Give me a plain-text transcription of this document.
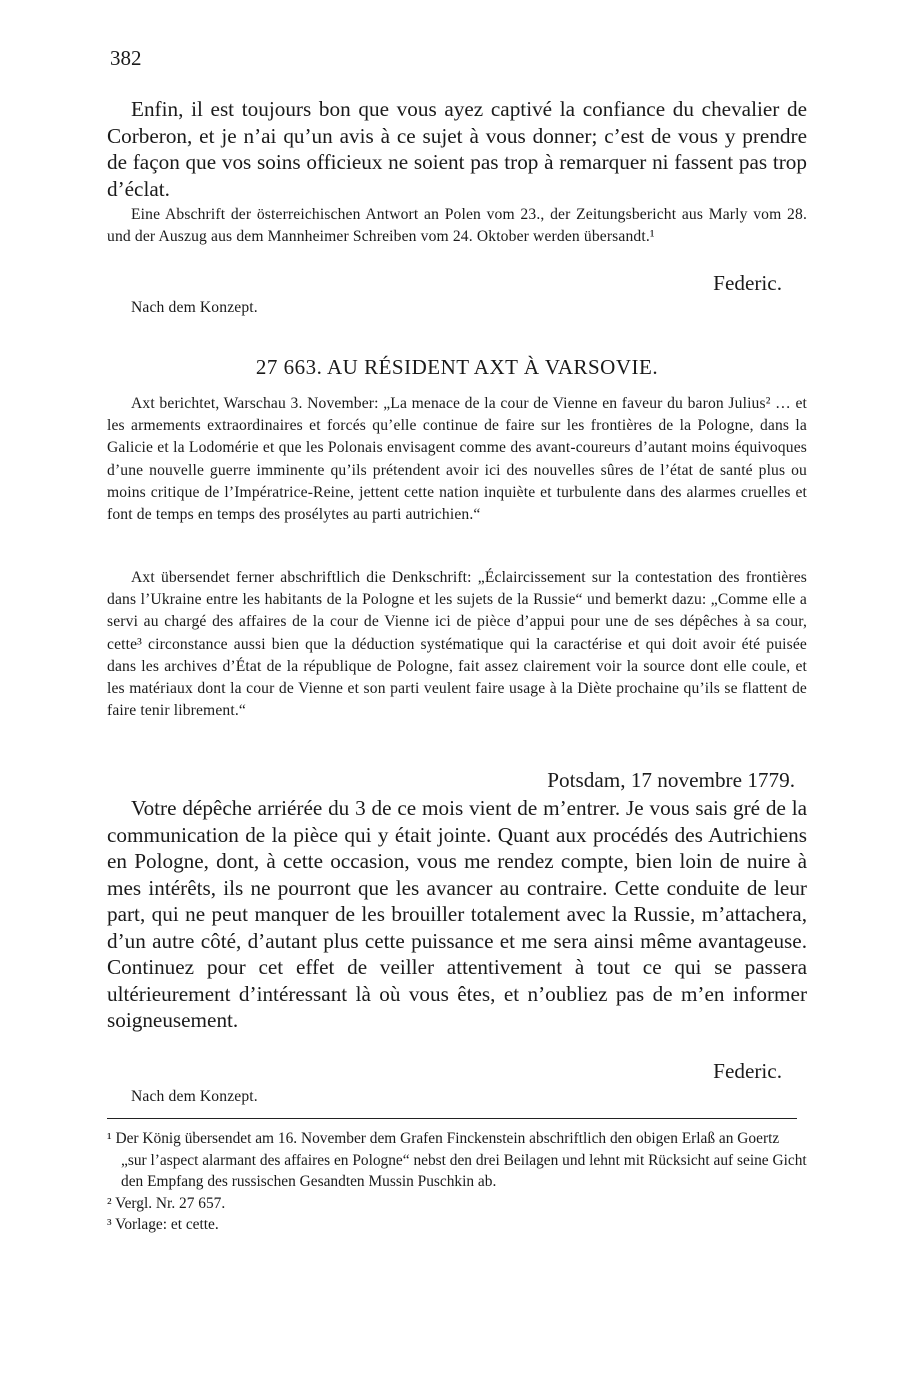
382

Enfin, il est toujours bon que vous ayez captivé la confiance du chevalier de Corberon, et je n’ai qu’un avis à ce sujet à vous donner; c’est de vous y prendre de façon que vos soins officieux ne soient pas trop à remarquer ni fassent pas trop d’éclat.

Eine Abschrift der österreichischen Antwort an Polen vom 23., der Zeitungsbericht aus Marly vom 28. und der Auszug aus dem Mannheimer Schreiben vom 24. Oktober werden übersandt.¹

Federic.

Nach dem Konzept.

27 663. AU RÉSIDENT AXT À VARSOVIE.

Axt berichtet, Warschau 3. November: „La menace de la cour de Vienne en faveur du baron Julius² … et les armements extraordinaires et forcés qu’elle continue de faire sur les frontières de la Pologne, dans la Galicie et la Lodomérie et que les Polonais envisagent comme des avant-coureurs d’autant moins équivoques d’une nouvelle guerre imminente qu’ils prétendent avoir ici des nouvelles sûres de l’état de santé plus ou moins critique de l’Impératrice-Reine, jettent cette nation inquiète et turbulente dans des alarmes cruelles et font de temps en temps des prosélytes au parti autrichien.“

Axt übersendet ferner abschriftlich die Denkschrift: „Éclaircissement sur la contestation des frontières dans l’Ukraine entre les habitants de la Pologne et les sujets de la Russie“ und bemerkt dazu: „Comme elle a servi au chargé des affaires de la cour de Vienne ici de pièce d’appui pour une de ses dépêches à sa cour, cette³ circonstance aussi bien que la déduction systématique qui la caractérise et qui doit avoir été puisée dans les archives d’État de la république de Pologne, fait assez clairement voir la source dont elle coule, et les matériaux dont la cour de Vienne et son parti veulent faire usage à la Diète prochaine qu’ils se flattent de faire tenir librement.“

Potsdam, 17 novembre 1779.

Votre dépêche arriérée du 3 de ce mois vient de m’entrer. Je vous sais gré de la communication de la pièce qui y était jointe. Quant aux procédés des Autrichiens en Pologne, dont, à cette occasion, vous me rendez compte, bien loin de nuire à mes intérêts, ils ne pourront que les avancer au contraire. Cette conduite de leur part, qui ne peut manquer de les brouiller totalement avec la Russie, m’attachera, d’un autre côté, d’autant plus cette puissance et me sera ainsi même avantageuse. Continuez pour cet effet de veiller attentivement à tout ce qui se passera ultérieurement d’intéressant là où vous êtes, et n’oubliez pas de m’en informer soigneusement.

Federic.

Nach dem Konzept.

¹ Der König übersendet am 16. November dem Grafen Finckenstein abschriftlich den obigen Erlaß an Goertz „sur l’aspect alarmant des affaires en Pologne“ nebst den drei Beilagen und lehnt mit Rücksicht auf seine Gicht den Empfang des russischen Gesandten Mussin Puschkin ab.

² Vergl. Nr. 27 657.

³ Vorlage: et cette.
